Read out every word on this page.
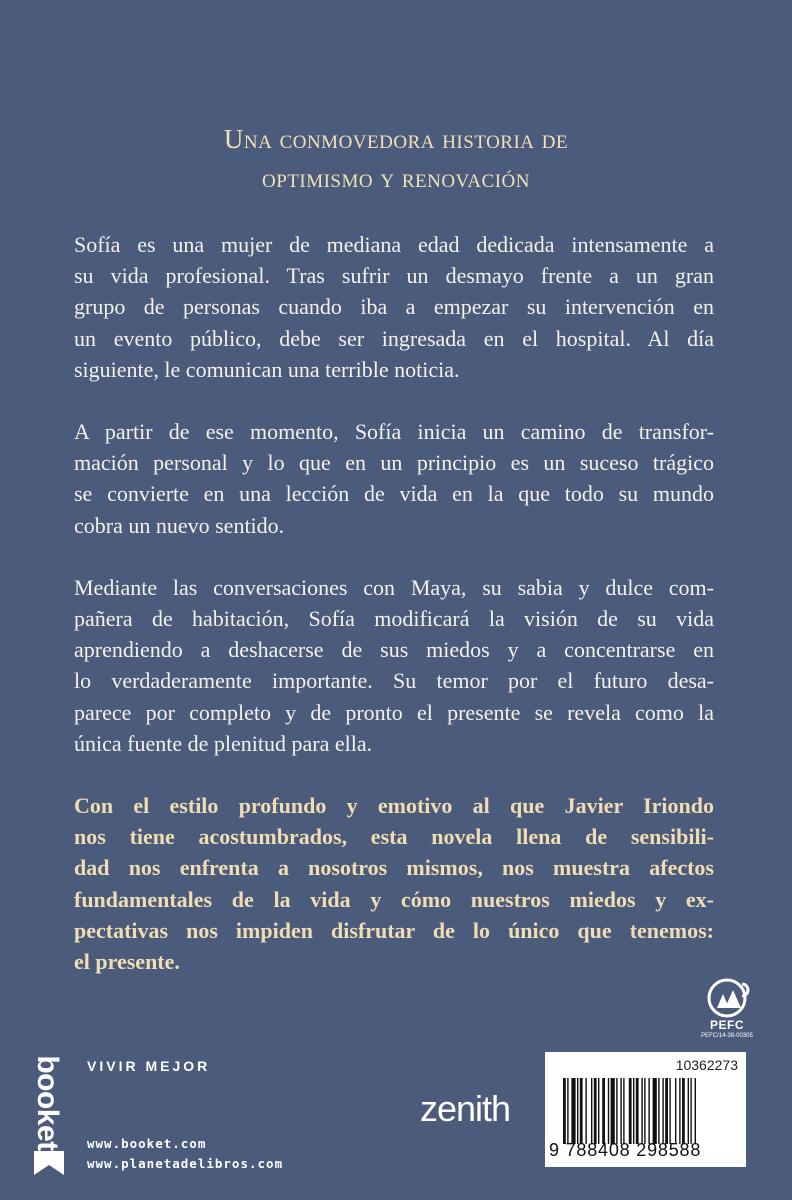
Una conmovedora historia de
optimismo y renovación
Sofía es una mujer de mediana edad dedicada intensamente a
su vida profesional. Tras sufrir un desmayo frente a un gran
grupo de personas cuando iba a empezar su intervención en
un evento público, debe ser ingresada en el hospital. Al día
siguiente, le comunican una terrible noticia.
A partir de ese momento, Sofía inicia un camino de transfor-
mación personal y lo que en un principio es un suceso trágico
se convierte en una lección de vida en la que todo su mundo
cobra un nuevo sentido.
Mediante las conversaciones con Maya, su sabia y dulce com-
pañera de habitación, Sofía modificará la visión de su vida
aprendiendo a deshacerse de sus miedos y a concentrarse en
lo verdaderamente importante. Su temor por el futuro desa-
parece por completo y de pronto el presente se revela como la
única fuente de plenitud para ella.
Con el estilo profundo y emotivo al que Javier Iriondo
nos tiene acostumbrados, esta novela llena de sensibili-
dad nos enfrenta a nosotros mismos, nos muestra afectos
fundamentales de la vida y cómo nuestros miedos y ex-
pectativas nos impiden disfrutar de lo único que tenemos:
el presente.
PEFC
PEFC/14-38-00305
booket VIVIR MEJOR
www.booket.com
www.planetadelibros.com
zenith
10362273
9 788408 298588
